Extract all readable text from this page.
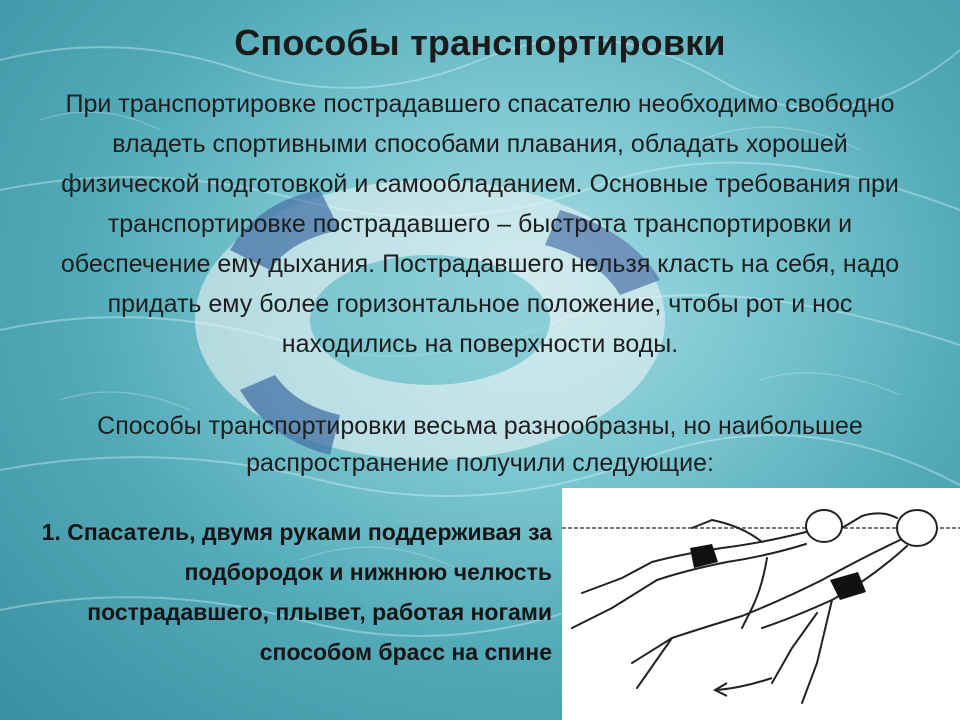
Способы транспортировки

При транспортировке пострадавшего спасателю необходимо свободно владеть спортивными способами плавания, обладать хорошей физической подготовкой и самообладанием. Основные требования при транспортировке пострадавшего – быстрота транспортировки и обеспечение ему дыхания. Пострадавшего нельзя класть на себя, надо придать ему более горизонтальное положение, чтобы рот и нос находились на поверхности воды.

Способы транспортировки весьма разнообразны, но наибольшее распространение получили следующие:

1. Спасатель, двумя руками поддерживая за подбородок и нижнюю челюсть пострадавшего, плывет, работая ногами способом брасс на спине
